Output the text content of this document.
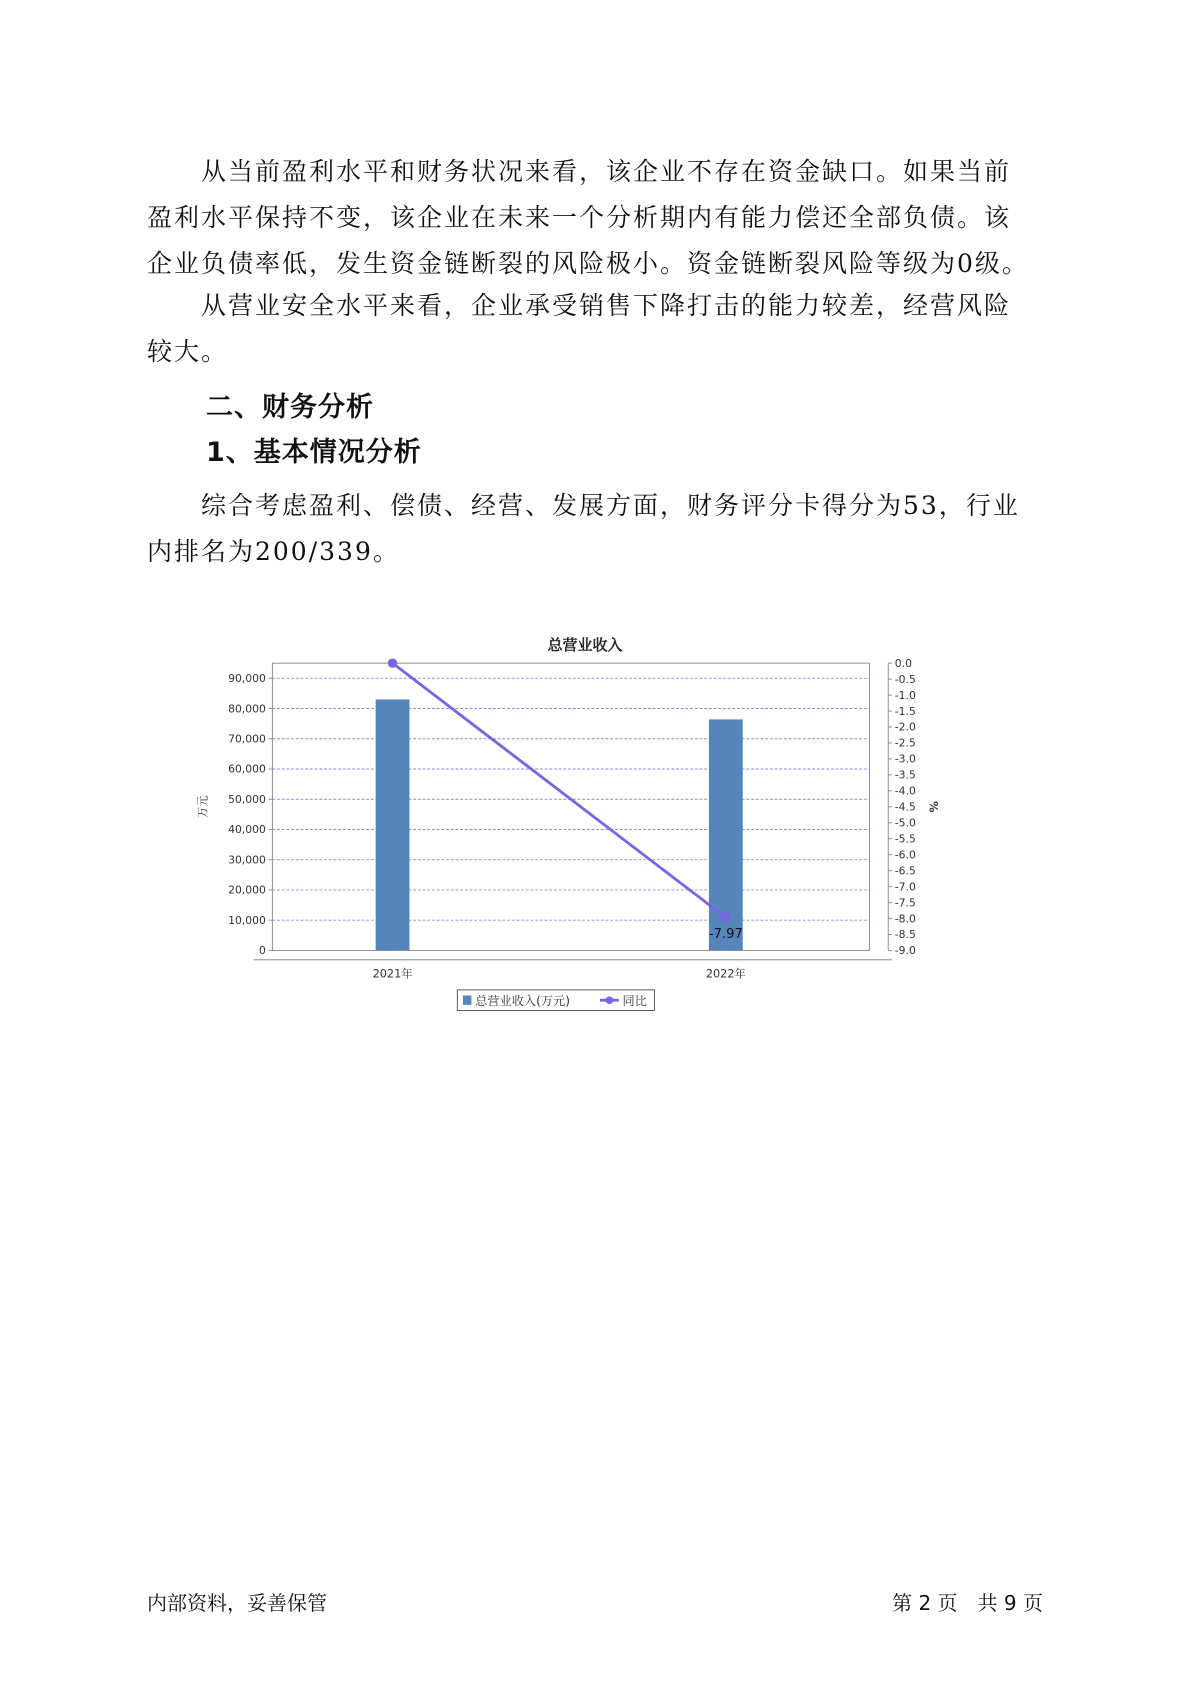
　　从当前盈利水平和财务状况来看，该企业不存在资金缺口。如果当前
盈利水平保持不变，该企业在未来一个分析期内有能力偿还全部负债。该
企业负债率低，发生资金链断裂的风险极小。资金链断裂风险等级为0级。
　　从营业安全水平来看，企业承受销售下降打击的能力较差，经营风险
较大。
二、财务分析
1、基本情况分析
　　综合考虑盈利、偿债、经营、发展方面，财务评分卡得分为53，行业
内排名为200/339。
总营业收入
0
10,000
20,000
30,000
40,000
50,000
60,000
70,000
80,000
90,000
万元
0.0
-0.5
-1.0
-1.5
-2.0
-2.5
-3.0
-3.5
-4.0
-4.5
-5.0
-5.5
-6.0
-6.5
-7.0
-7.5
-8.0
-8.5
-9.0
%
2021年	2022年
-7.97
总营业收入(万元)	同比
内部资料，妥善保管	第 2 页　共 9 页
